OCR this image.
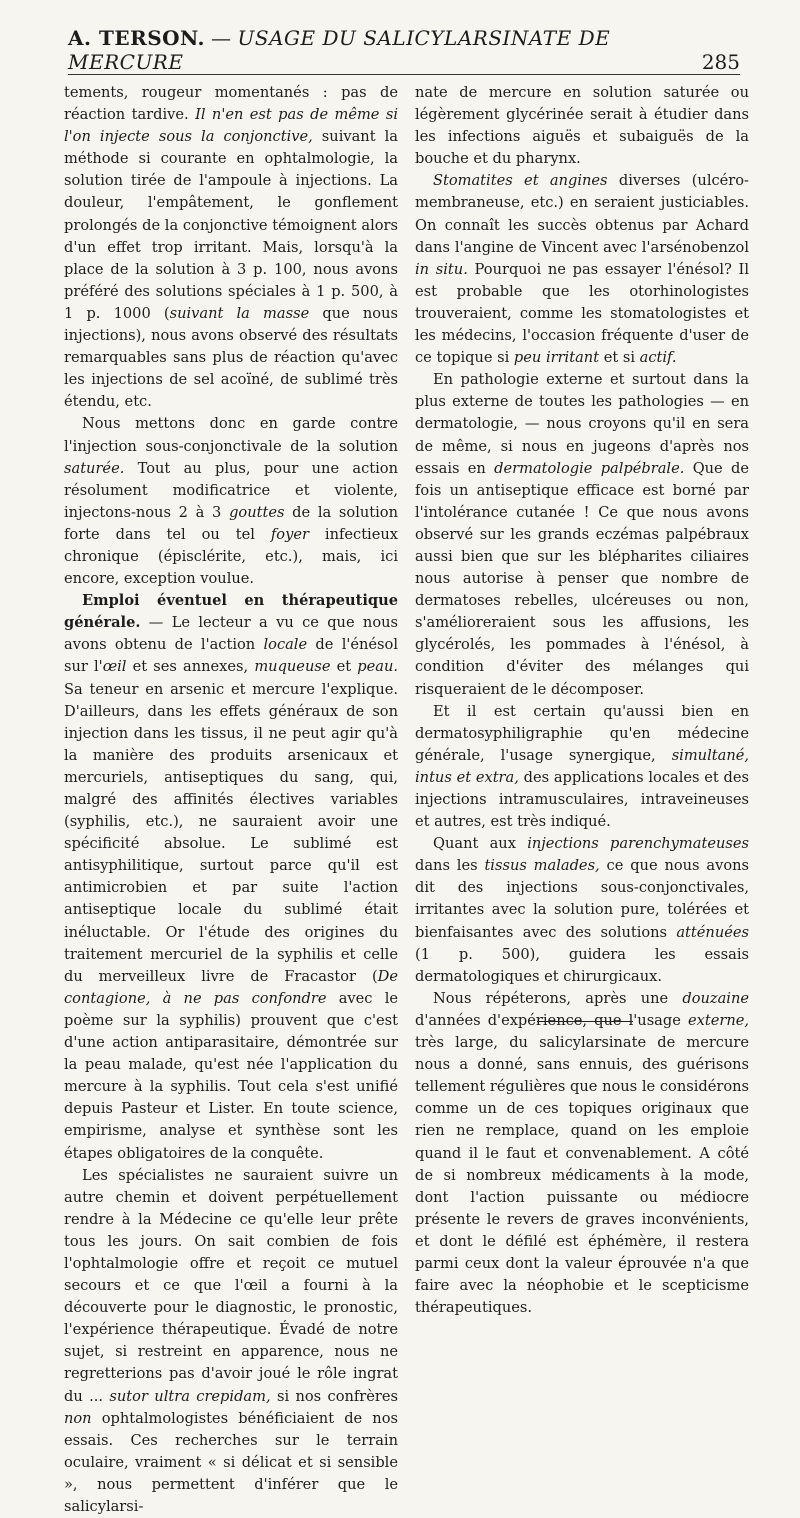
A. TERSON. — USAGE DU SALICYLARSINATE DE MERCURE	285

tements, rougeur momentanés : pas de réaction tardive. Il n'en est pas de même si l'on injecte sous la conjonctive, suivant la méthode si courante en ophtalmologie, la solution tirée de l'ampoule à injections. La douleur, l'empâtement, le gonflement prolongés de la conjonctive témoignent alors d'un effet trop irritant. Mais, lorsqu'à la place de la solution à 3 p. 100, nous avons préféré des solutions spéciales à 1 p. 500, à 1 p. 1000 (suivant la masse que nous injections), nous avons observé des résultats remarquables sans plus de réaction qu'avec les injections de sel acoïné, de sublimé très étendu, etc.

Nous mettons donc en garde contre l'injection sous-conjonctivale de la solution saturée. Tout au plus, pour une action résolument modificatrice et violente, injectons-nous 2 à 3 gouttes de la solution forte dans tel ou tel foyer infectieux chronique (épisclérite, etc.), mais, ici encore, exception voulue.

Emploi éventuel en thérapeutique générale. — Le lecteur a vu ce que nous avons obtenu de l'action locale de l'énésol sur l'œil et ses annexes, muqueuse et peau. Sa teneur en arsenic et mercure l'explique. D'ailleurs, dans les effets généraux de son injection dans les tissus, il ne peut agir qu'à la manière des produits arsenicaux et mercuriels, antiseptiques du sang, qui, malgré des affinités électives variables (syphilis, etc.), ne sauraient avoir une spécificité absolue. Le sublimé est antisyphilitique, surtout parce qu'il est antimicrobien et par suite l'action antiseptique locale du sublimé était inéluctable. Or l'étude des origines du traitement mercuriel de la syphilis et celle du merveilleux livre de Fracastor (De contagione, à ne pas confondre avec le poème sur la syphilis) prouvent que c'est d'une action antiparasitaire, démontrée sur la peau malade, qu'est née l'application du mercure à la syphilis. Tout cela s'est unifié depuis Pasteur et Lister. En toute science, empirisme, analyse et synthèse sont les étapes obligatoires de la conquête.

Les spécialistes ne sauraient suivre un autre chemin et doivent perpétuellement rendre à la Médecine ce qu'elle leur prête tous les jours. On sait combien de fois l'ophtalmologie offre et reçoit ce mutuel secours et ce que l'œil a fourni à la découverte pour le diagnostic, le pronostic, l'expérience thérapeutique. Évadé de notre sujet, si restreint en apparence, nous ne regretterions pas d'avoir joué le rôle ingrat du ... sutor ultra crepidam, si nos confrères non ophtalmologistes bénéficiaient de nos essais. Ces recherches sur le terrain oculaire, vraiment « si délicat et si sensible », nous permettent d'inférer que le salicylarsi-

nate de mercure en solution saturée ou légèrement glycérinée serait à étudier dans les infections aiguës et subaiguës de la bouche et du pharynx.

Stomatites et angines diverses (ulcéro-membraneuse, etc.) en seraient justiciables. On connaît les succès obtenus par Achard dans l'angine de Vincent avec l'arsénobenzol in situ. Pourquoi ne pas essayer l'énésol? Il est probable que les otorhinologistes trouveraient, comme les stomatologistes et les médecins, l'occasion fréquente d'user de ce topique si peu irritant et si actif.

En pathologie externe et surtout dans la plus externe de toutes les pathologies — en dermatologie, — nous croyons qu'il en sera de même, si nous en jugeons d'après nos essais en dermatologie palpébrale. Que de fois un antiseptique efficace est borné par l'intolérance cutanée ! Ce que nous avons observé sur les grands eczémas palpébraux aussi bien que sur les blépharites ciliaires nous autorise à penser que nombre de dermatoses rebelles, ulcéreuses ou non, s'amélioreraient sous les affusions, les glycérolés, les pommades à l'énésol, à condition d'éviter des mélanges qui risqueraient de le décomposer.

Et il est certain qu'aussi bien en dermatosyphiligraphie qu'en médecine générale, l'usage synergique, simultané, intus et extra, des applications locales et des injections intramusculaires, intraveineuses et autres, est très indiqué.

Quant aux injections parenchymateuses dans les tissus malades, ce que nous avons dit des injections sous-conjonctivales, irritantes avec la solution pure, tolérées et bienfaisantes avec des solutions atténuées (1 p. 500), guidera les essais dermatologiques et chirurgicaux.

Nous répéterons, après une douzaine d'années d'expérience, que l'usage externe, très large, du salicylarsinate de mercure nous a donné, sans ennuis, des guérisons tellement régulières que nous le considérons comme un de ces topiques originaux que rien ne remplace, quand on les emploie quand il le faut et convenablement. A côté de si nombreux médicaments à la mode, dont l'action puissante ou médiocre présente le revers de graves inconvénients, et dont le défilé est éphémère, il restera parmi ceux dont la valeur éprouvée n'a que faire avec la néophobie et le scepticisme thérapeutiques.
